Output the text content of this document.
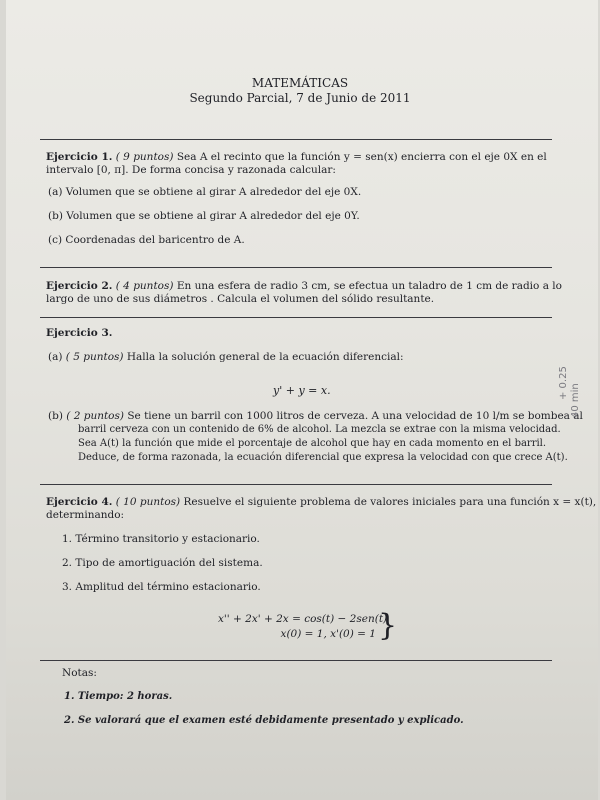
MATEMÁTICAS
Segundo Parcial, 7 de Junio de 2011
Ejercicio 1. ( 9 puntos) Sea A el recinto que la función y = sen(x) encierra con el eje 0X en el
intervalo [0, π]. De forma concisa y razonada calcular:
(a) Volumen que se obtiene al girar A alrededor del eje 0X.
(b) Volumen que se obtiene al girar A alrededor del eje 0Y.
(c) Coordenadas del baricentro de A.
Ejercicio 2. ( 4 puntos) En una esfera de radio 3 cm, se efectua un taladro de 1 cm de radio a lo
largo de uno de sus diámetros . Calcula el volumen del sólido resultante.
Ejercicio 3.
(a) ( 5 puntos) Halla la solución general de la ecuación diferencial:
y' + y = x.
(b) ( 2 puntos) Se tiene un barril con 1000 litros de cerveza. A una velocidad de 10 l/m se bombea al
barril cerveza con un contenido de 6% de alcohol. La mezcla se extrae con la misma velocidad.
Sea A(t) la función que mide el porcentaje de alcohol que hay en cada momento en el barril.
Deduce, de forma razonada, la ecuación diferencial que expresa la velocidad con que crece A(t).
Ejercicio 4. ( 10 puntos) Resuelve el siguiente problema de valores iniciales para una función x = x(t),
determinando:
1. Término transitorio y estacionario.
2. Tipo de amortiguación del sistema.
3. Amplitud del término estacionario.
x'' + 2x' + 2x = cos(t) − 2sen(t)
x(0) = 1, x'(0) = 1 }
Notas:
1. Tiempo: 2 horas.
2. Se valorará que el examen esté debidamente presentado y explicado.
+ 0.25
40 min
